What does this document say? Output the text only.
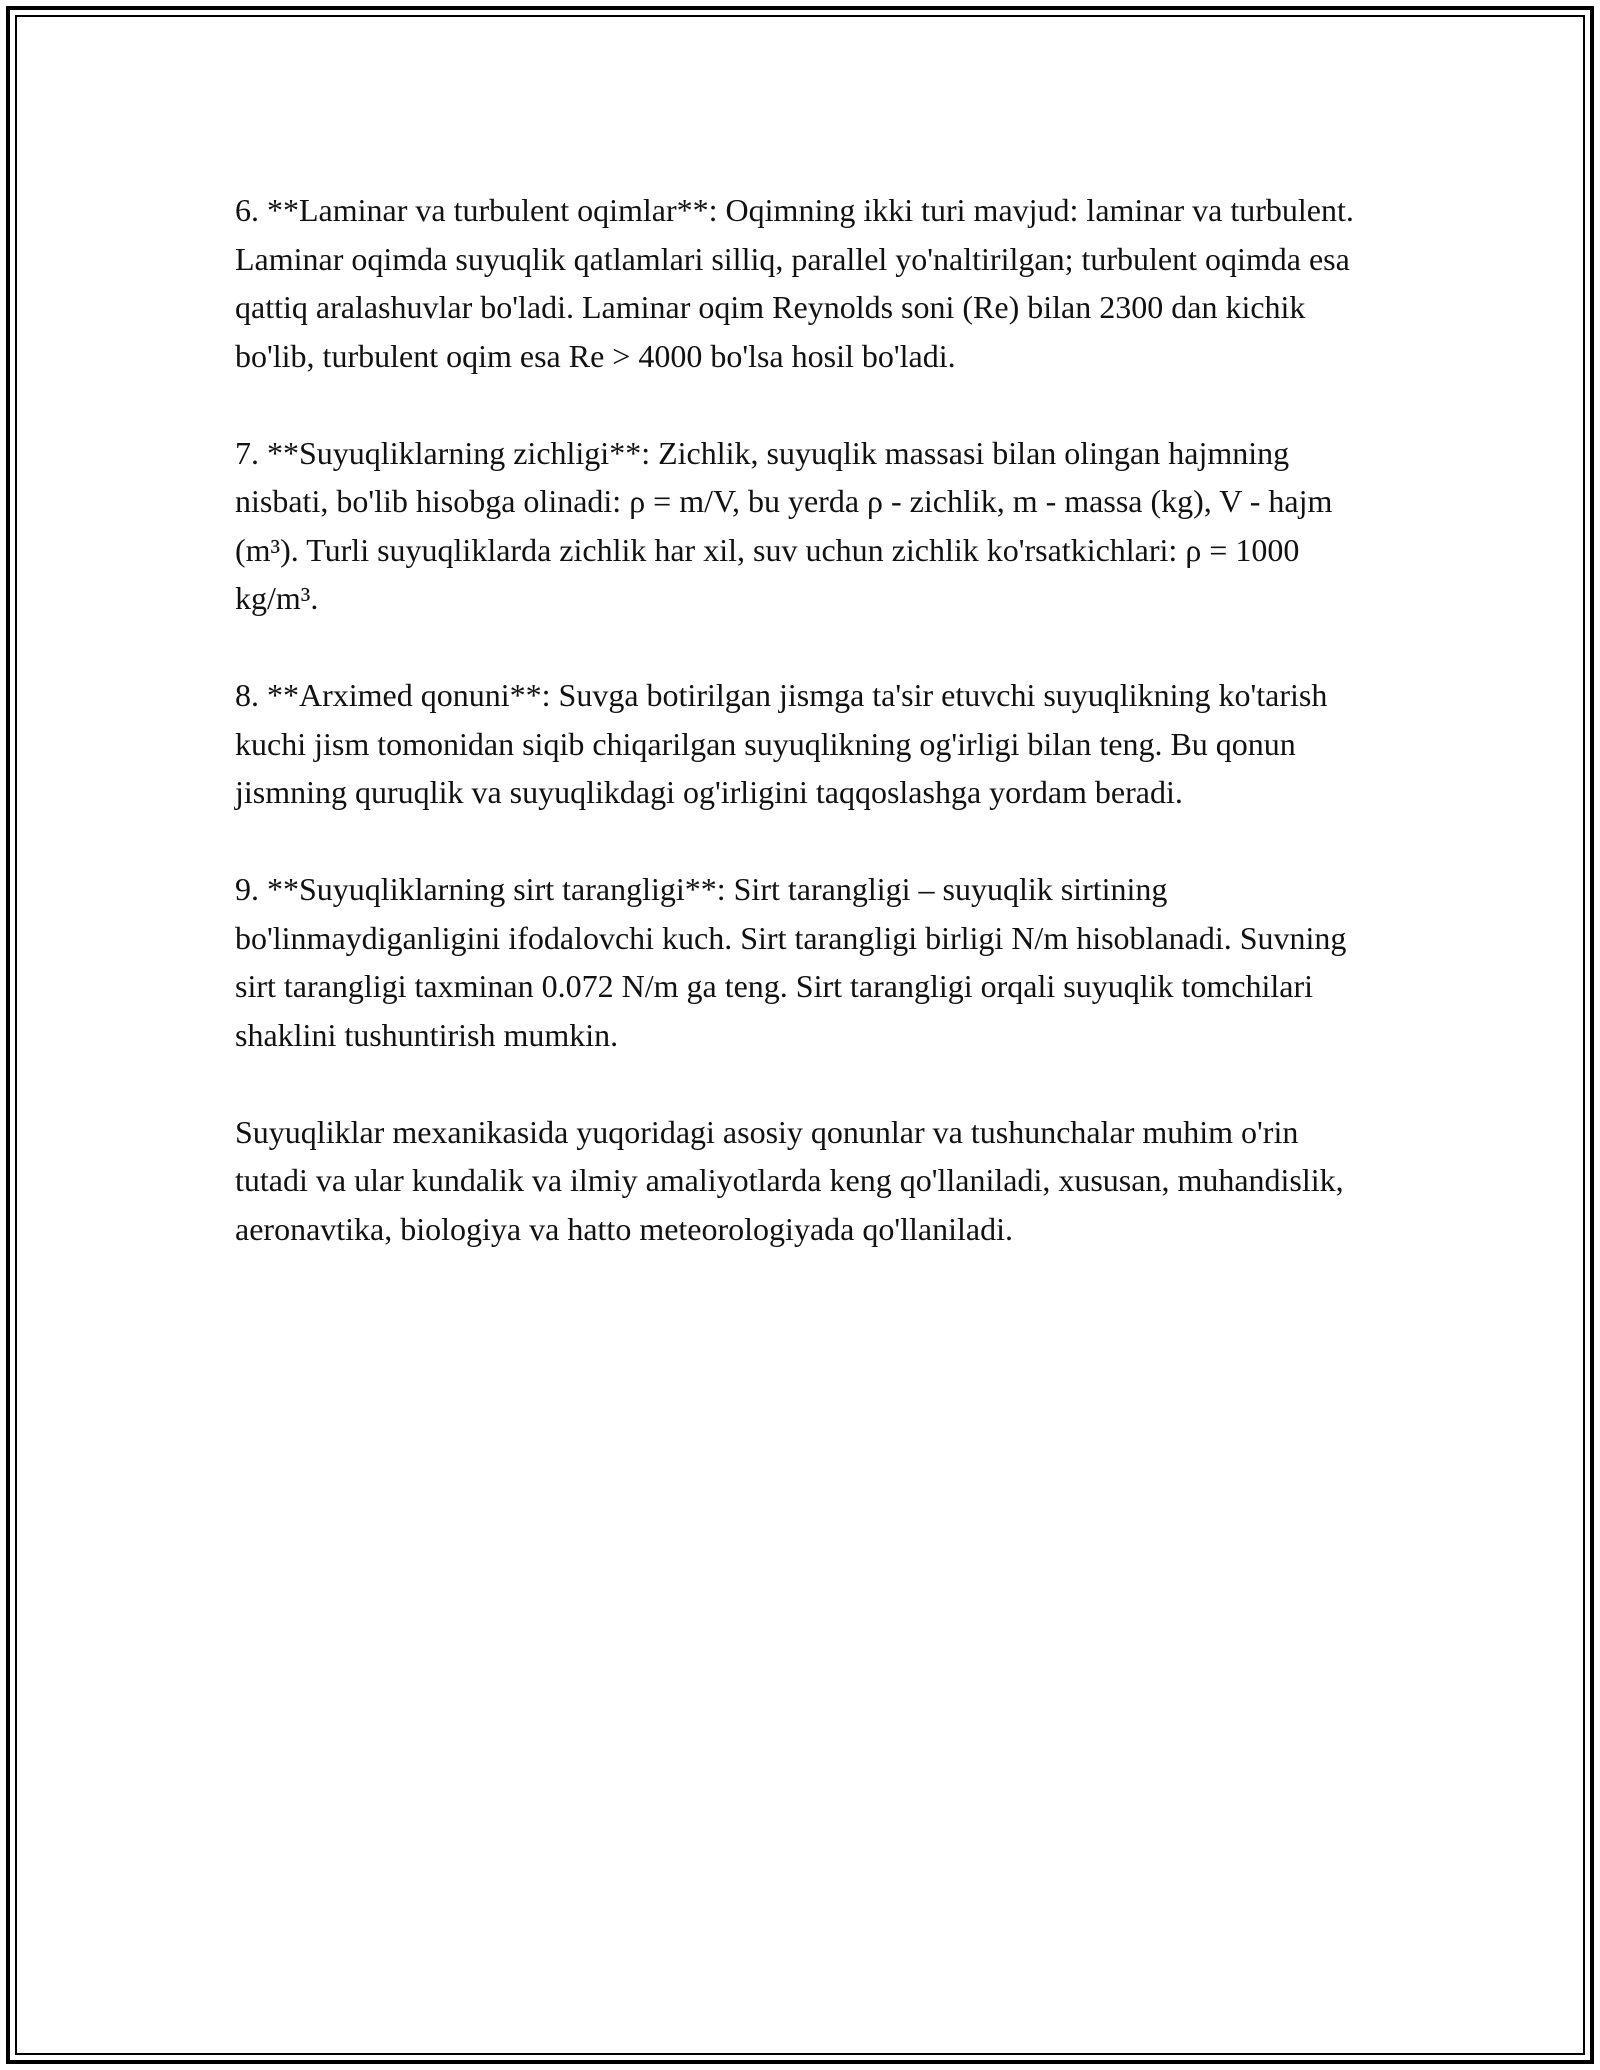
6. **Laminar va turbulent oqimlar**: Oqimning ikki turi mavjud: laminar va turbulent. Laminar oqimda suyuqlik qatlamlari silliq, parallel yo'naltirilgan; turbulent oqimda esa qattiq aralashuvlar bo'ladi. Laminar oqim Reynolds soni (Re) bilan 2300 dan kichik bo'lib, turbulent oqim esa Re > 4000 bo'lsa hosil bo'ladi.

7. **Suyuqliklarning zichligi**: Zichlik, suyuqlik massasi bilan olingan hajmning nisbati, bo'lib hisobga olinadi: ρ = m/V, bu yerda ρ - zichlik, m - massa (kg), V - hajm (m³). Turli suyuqliklarda zichlik har xil, suv uchun zichlik ko'rsatkichlari: ρ = 1000 kg/m³.

8. **Arximed qonuni**: Suvga botirilgan jismga ta'sir etuvchi suyuqlikning ko'tarish kuchi jism tomonidan siqib chiqarilgan suyuqlikning og'irligi bilan teng. Bu qonun jismning quruqlik va suyuqlikdagi og'irligini taqqoslashga yordam beradi.

9. **Suyuqliklarning sirt tarangligi**: Sirt tarangligi – suyuqlik sirtining bo'linmaydiganligini ifodalovchi kuch. Sirt tarangligi birligi N/m hisoblanadi. Suvning sirt tarangligi taxminan 0.072 N/m ga teng. Sirt tarangligi orqali suyuqlik tomchilari shaklini tushuntirish mumkin.

Suyuqliklar mexanikasida yuqoridagi asosiy qonunlar va tushunchalar muhim o'rin tutadi va ular kundalik va ilmiy amaliyotlarda keng qo'llaniladi, xususan, muhandislik, aeronavtika, biologiya va hatto meteorologiyada qo'llaniladi.
